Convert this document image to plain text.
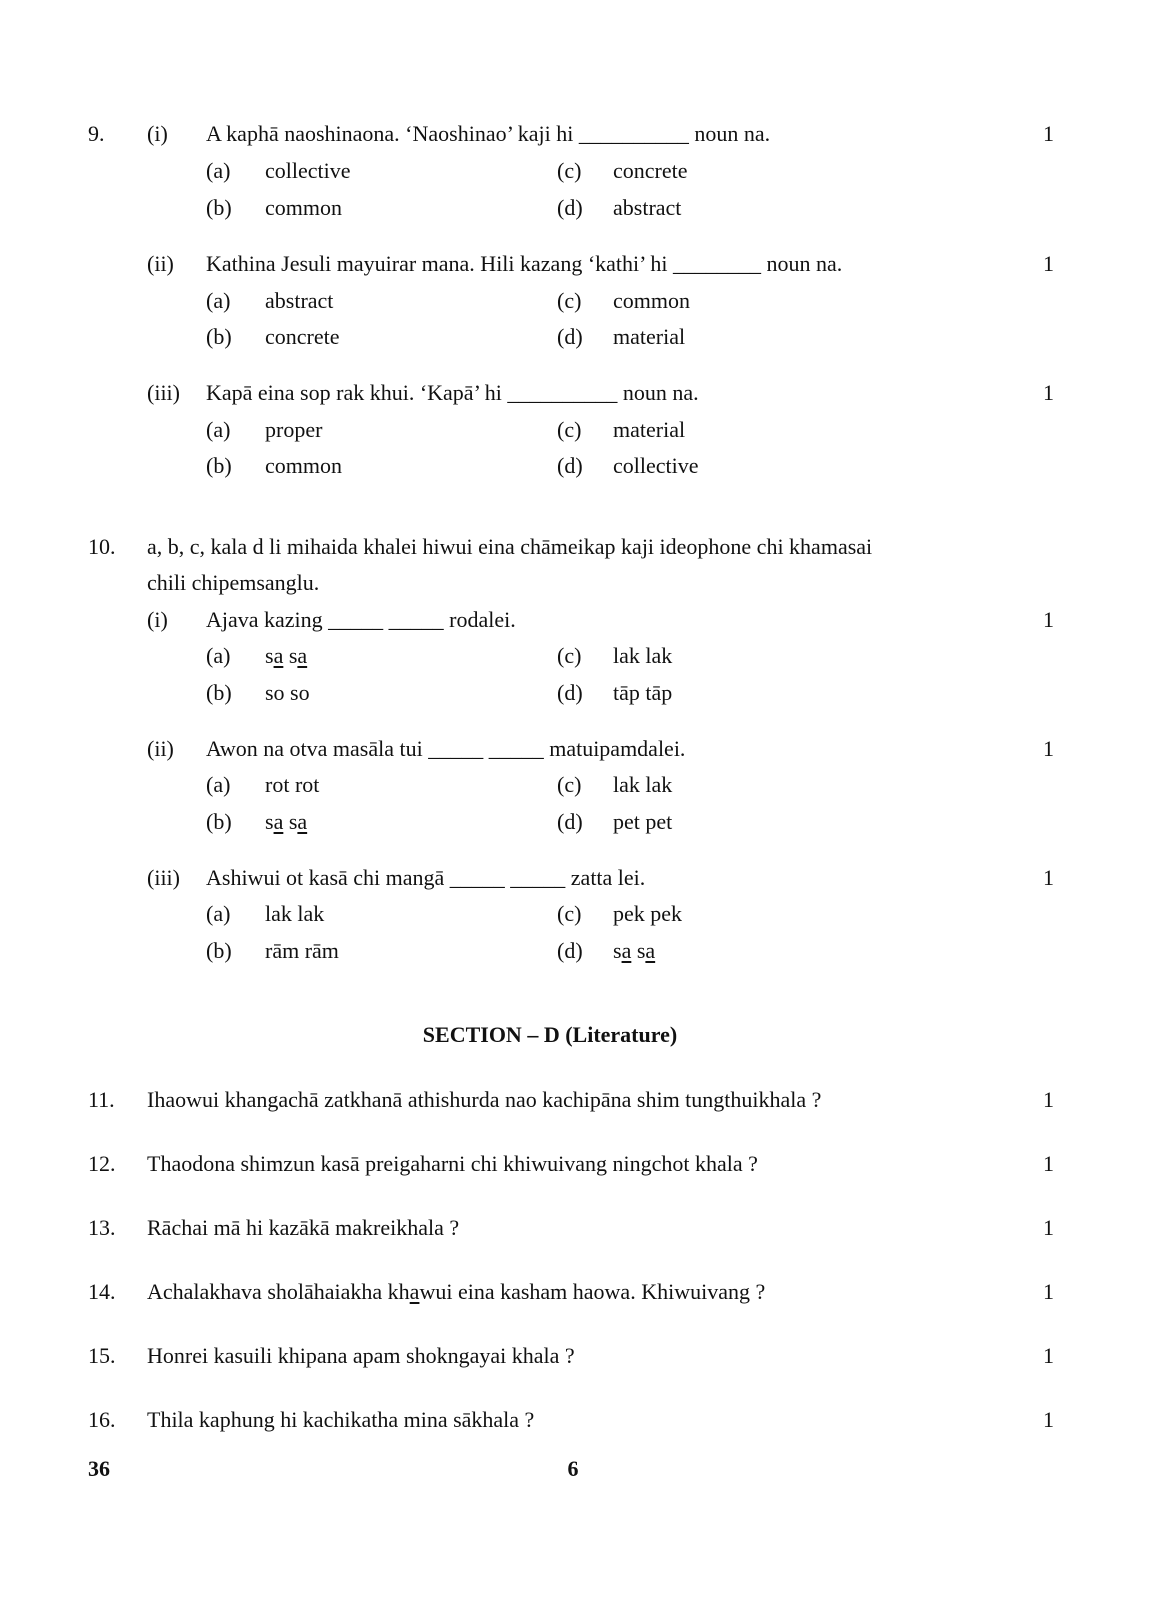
9. (i) A kaphā naoshinaona. ‘Naoshinao’ kaji hi __________ noun na.	1
(a) collective	(c) concrete
(b) common	(d) abstract
(ii) Kathina Jesuli mayuirar mana. Hili kazang ‘kathi’ hi ________ noun na.	1
(a) abstract	(c) common
(b) concrete	(d) material
(iii) Kapā eina sop rak khui. ‘Kapā’ hi __________ noun na.	1
(a) proper	(c) material
(b) common	(d) collective
10. a, b, c, kala d li mihaida khalei hiwui eina chāmeikap kaji ideophone chi khamasai
chili chipemsanglu.
(i) Ajava kazing _____ _____ rodalei.	1
(a) sa sa	(c) lak lak
(b) so so	(d) tāp tāp
(ii) Awon na otva masāla tui _____ _____ matuipamdalei.	1
(a) rot rot	(c) lak lak
(b) sa sa	(d) pet pet
(iii) Ashiwui ot kasā chi mangā _____ _____ zatta lei.	1
(a) lak lak	(c) pek pek
(b) rām rām	(d) sa sa
SECTION – D (Literature)
11. Ihaowui khangachā zatkhanā athishurda nao kachipāna shim tungthuikhala ?	1
12. Thaodona shimzun kasā preigaharni chi khiwuivang ningchot khala ?	1
13. Rāchai mā hi kazākā makreikhala ?	1
14. Achalakhava sholāhaiakha khawui eina kasham haowa. Khiwuivang ?	1
15. Honrei kasuili khipana apam shokngayai khala ?	1
16. Thila kaphung hi kachikatha mina sākhala ?	1
36	6
